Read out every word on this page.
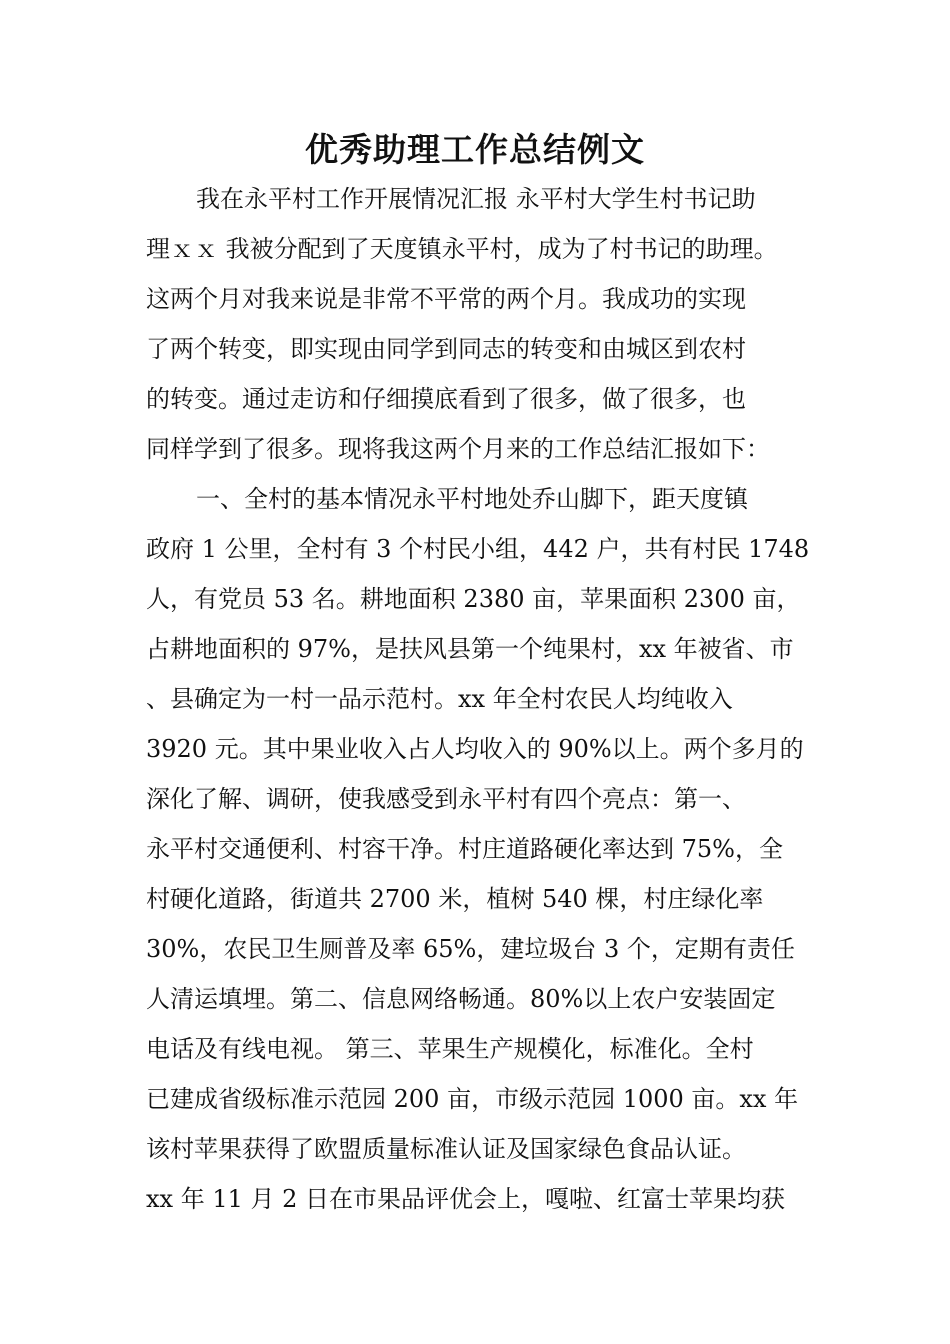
优秀助理工作总结例文
我在永平村工作开展情况汇报 永平村大学生村书记助
理ｘｘ 我被分配到了天度镇永平村，成为了村书记的助理。
这两个月对我来说是非常不平常的两个月。我成功的实现
了两个转变，即实现由同学到同志的转变和由城区到农村
的转变。通过走访和仔细摸底看到了很多，做了很多，也
同样学到了很多。现将我这两个月来的工作总结汇报如下：
一、全村的基本情况永平村地处乔山脚下，距天度镇
政府 1 公里，全村有 3 个村民小组，442 户，共有村民 1748
人，有党员 53 名。耕地面积 2380 亩，苹果面积 2300 亩，
占耕地面积的 97%，是扶风县第一个纯果村，xx 年被省、市
、县确定为一村一品示范村。xx 年全村农民人均纯收入
3920 元。其中果业收入占人均收入的 90%以上。两个多月的
深化了解、调研，使我感受到永平村有四个亮点：第一、
永平村交通便利、村容干净。村庄道路硬化率达到 75%，全
村硬化道路，街道共 2700 米，植树 540 棵，村庄绿化率
30%，农民卫生厕普及率 65%，建垃圾台 3 个，定期有责任
人清运填埋。第二、信息网络畅通。80%以上农户安装固定
电话及有线电视。 第三、苹果生产规模化，标准化。全村
已建成省级标准示范园 200 亩，市级示范园 1000 亩。xx 年
该村苹果获得了欧盟质量标准认证及国家绿色食品认证。
xx 年 11 月 2 日在市果品评优会上，嘎啦、红富士苹果均获
